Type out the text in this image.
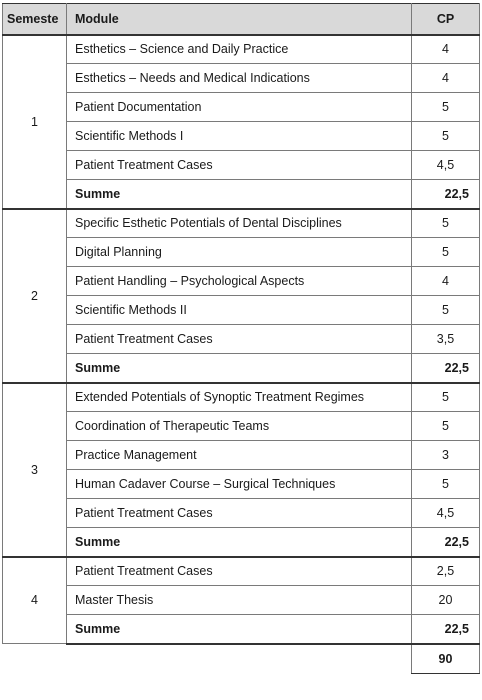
Semeste	Module	CP
1	Esthetics – Science and Daily Practice	4
	Esthetics – Needs and Medical Indications	4
	Patient Documentation	5
	Scientific Methods I	5
	Patient Treatment Cases	4,5
	Summe	22,5
2	Specific Esthetic Potentials of Dental Disciplines	5
	Digital Planning	5
	Patient Handling – Psychological Aspects	4
	Scientific Methods II	5
	Patient Treatment Cases	3,5
	Summe	22,5
3	Extended Potentials of Synoptic Treatment Regimes	5
	Coordination of Therapeutic Teams	5
	Practice Management	3
	Human Cadaver Course – Surgical Techniques	5
	Patient Treatment Cases	4,5
	Summe	22,5
4	Patient Treatment Cases	2,5
	Master Thesis	20
	Summe	22,5
		90
